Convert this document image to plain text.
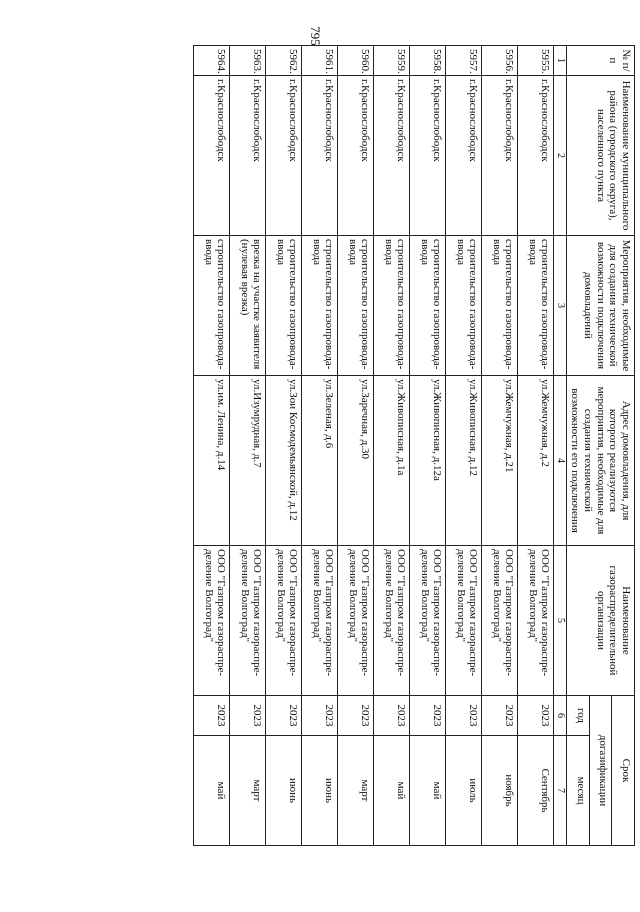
795
№ п/п	Наименование муниципального района (городского округа), населенного пункта	Мероприятия, необходимые для создания технической возможности подключения домовладений	Адрес домовладения, для которого реализуются мероприятия, необходимые для создания технической возможности его подключения	Наименование газораспределительной организации	Срок	
					догазификации	
					год	месяц
1	2	3	4	5	6	7
5955.	г.Краснослободск	строительство газопровода-ввода	ул.Жемчужная, д.2	ООО "Газпром газораспре-деление Волгоград"	2023	Сентябрь
5956.	г.Краснослободск	строительство газопровода-ввода	ул.Жемчужная, д.21	ООО "Газпром газораспре-деление Волгоград"	2023	ноябрь
5957.	г.Краснослободск	строительство газопровода-ввода	ул.Живописная, д.12	ООО "Газпром газораспре-деление Волгоград"	2023	июль
5958.	г.Краснослободск	строительство газопровода-ввода	ул.Живописная, д.12а	ООО "Газпром газораспре-деление Волгоград"	2023	май
5959.	г.Краснослободск	строительство газопровода-ввода	ул.Живописная, д.1а	ООО "Газпром газораспре-деление Волгоград"	2023	май
5960.	г.Краснослободск	строительство газопровода-ввода	ул.Заречная, д.30	ООО "Газпром газораспре-деление Волгоград"	2023	март
5961.	г.Краснослободск	строительство газопровода-ввода	ул.Зеленая, д.6	ООО "Газпром газораспре-деление Волгоград"	2023	июнь
5962.	г.Краснослободск	строительство газопровода-ввода	ул.Зои Космодемьянской, д.12	ООО "Газпром газораспре-деление Волгоград"	2023	июнь
5963.	г.Краснослободск	врезка на участке заявителя (нулевая врезка)	ул.Изумрудная, д.7	ООО "Газпром газораспре-деление Волгоград"	2023	март
5964.	г.Краснослободск	строительство газопровода-ввода	ул.им. Ленина, д.14	ООО "Газпром газораспре-деление Волгоград"	2023	май
